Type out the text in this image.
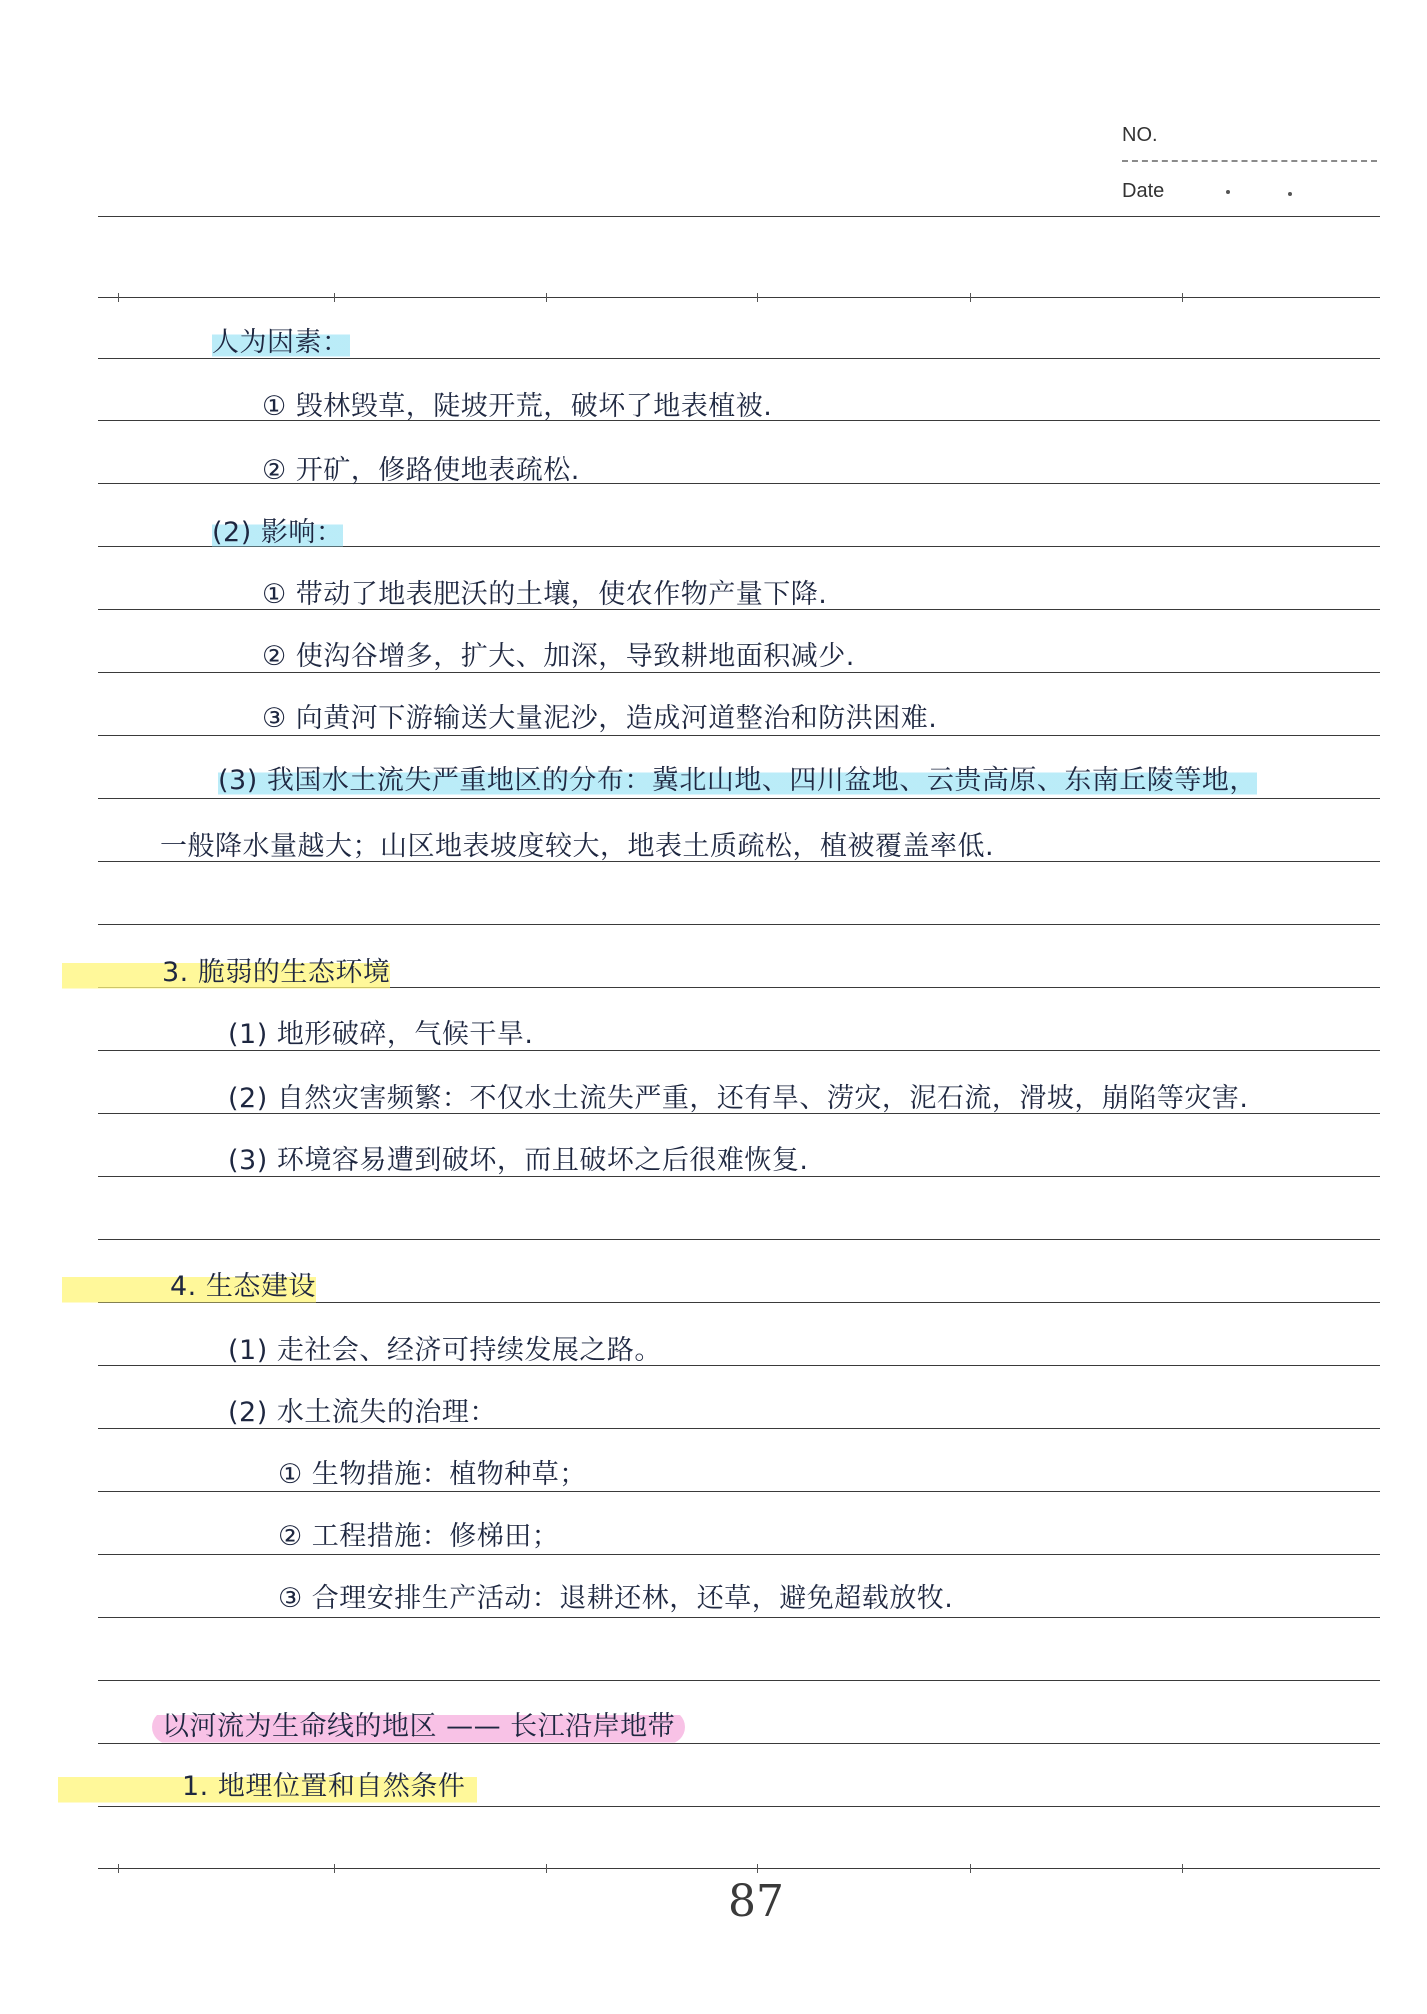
NO.
Date
人为因素：
① 毁林毁草，陡坡开荒，破坏了地表植被.
② 开矿，修路使地表疏松.
(2) 影响：
① 带动了地表肥沃的土壤，使农作物产量下降.
② 使沟谷增多，扩大、加深，导致耕地面积减少.
③ 向黄河下游输送大量泥沙，造成河道整治和防洪困难.
(3) 我国水土流失严重地区的分布：冀北山地、四川盆地、云贵高原、东南丘陵等地，
一般降水量越大；山区地表坡度较大，地表土质疏松，植被覆盖率低.
3. 脆弱的生态环境
(1) 地形破碎，气候干旱.
(2) 自然灾害频繁：不仅水土流失严重，还有旱、涝灾，泥石流，滑坡，崩陷等灾害.
(3) 环境容易遭到破坏，而且破坏之后很难恢复.
4. 生态建设
(1) 走社会、经济可持续发展之路。
(2) 水土流失的治理：
① 生物措施：植物种草；
② 工程措施：修梯田；
③ 合理安排生产活动：退耕还林，还草，避免超载放牧.
以河流为生命线的地区 —— 长江沿岸地带
1. 地理位置和自然条件
87
